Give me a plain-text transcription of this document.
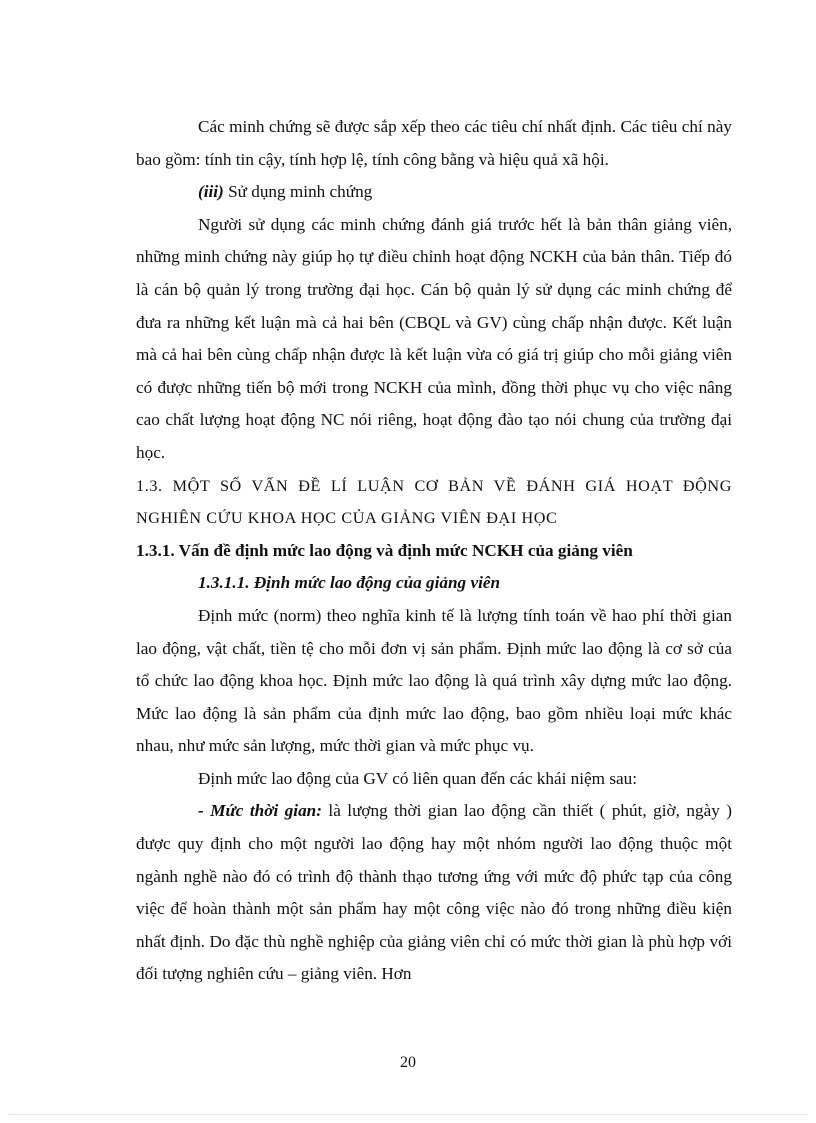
Các minh chứng sẽ được sắp xếp theo các tiêu chí nhất định. Các tiêu chí này bao gồm: tính tin cậy, tính hợp lệ, tính công bằng và hiệu quả xã hội.

(iii) Sử dụng minh chứng

Người sử dụng các minh chứng đánh giá trước hết là bản thân giảng viên, những minh chứng này giúp họ tự điều chỉnh hoạt động NCKH của bản thân. Tiếp đó là cán bộ quản lý trong trường đại học. Cán bộ quản lý sử dụng các minh chứng để đưa ra những kết luận mà cả hai bên (CBQL và GV) cùng chấp nhận được. Kết luận mà cả hai bên cùng chấp nhận được là kết luận vừa có giá trị giúp cho mỗi giảng viên có được những tiến bộ mới trong NCKH của mình, đồng thời phục vụ cho việc nâng cao chất lượng hoạt động NC nói riêng, hoạt động đào tạo nói chung của trường đại học.

1.3. MỘT SỐ VẤN ĐỀ LÍ LUẬN CƠ BẢN VỀ ĐÁNH GIÁ HOẠT ĐỘNG NGHIÊN CỨU KHOA HỌC CỦA GIẢNG VIÊN ĐẠI HỌC

1.3.1. Vấn đề định mức lao động và định mức NCKH của giảng viên

1.3.1.1. Định mức lao động của giảng viên

Định mức (norm) theo nghĩa kinh tế là lượng tính toán về hao phí thời gian lao động, vật chất, tiền tệ cho mỗi đơn vị sản phẩm. Định mức lao động là cơ sở của tổ chức lao động khoa học. Định mức lao động là quá trình xây dựng mức lao động. Mức lao động là sản phẩm của định mức lao động, bao gồm nhiều loại mức khác nhau, như mức sản lượng, mức thời gian và mức phục vụ.

Định mức lao động của GV có liên quan đến các khái niệm sau:

- Mức thời gian: là lượng thời gian lao động cần thiết ( phút, giờ, ngày ) được quy định cho một người lao động hay một nhóm người lao động thuộc một ngành nghề nào đó có trình độ thành thạo tương ứng với mức độ phức tạp của công việc để hoàn thành một sản phẩm hay một công việc nào đó trong những điều kiện nhất định. Do đặc thù nghề nghiệp của giảng viên chỉ có mức thời gian là phù hợp với đối tượng nghiên cứu – giảng viên. Hơn

20
